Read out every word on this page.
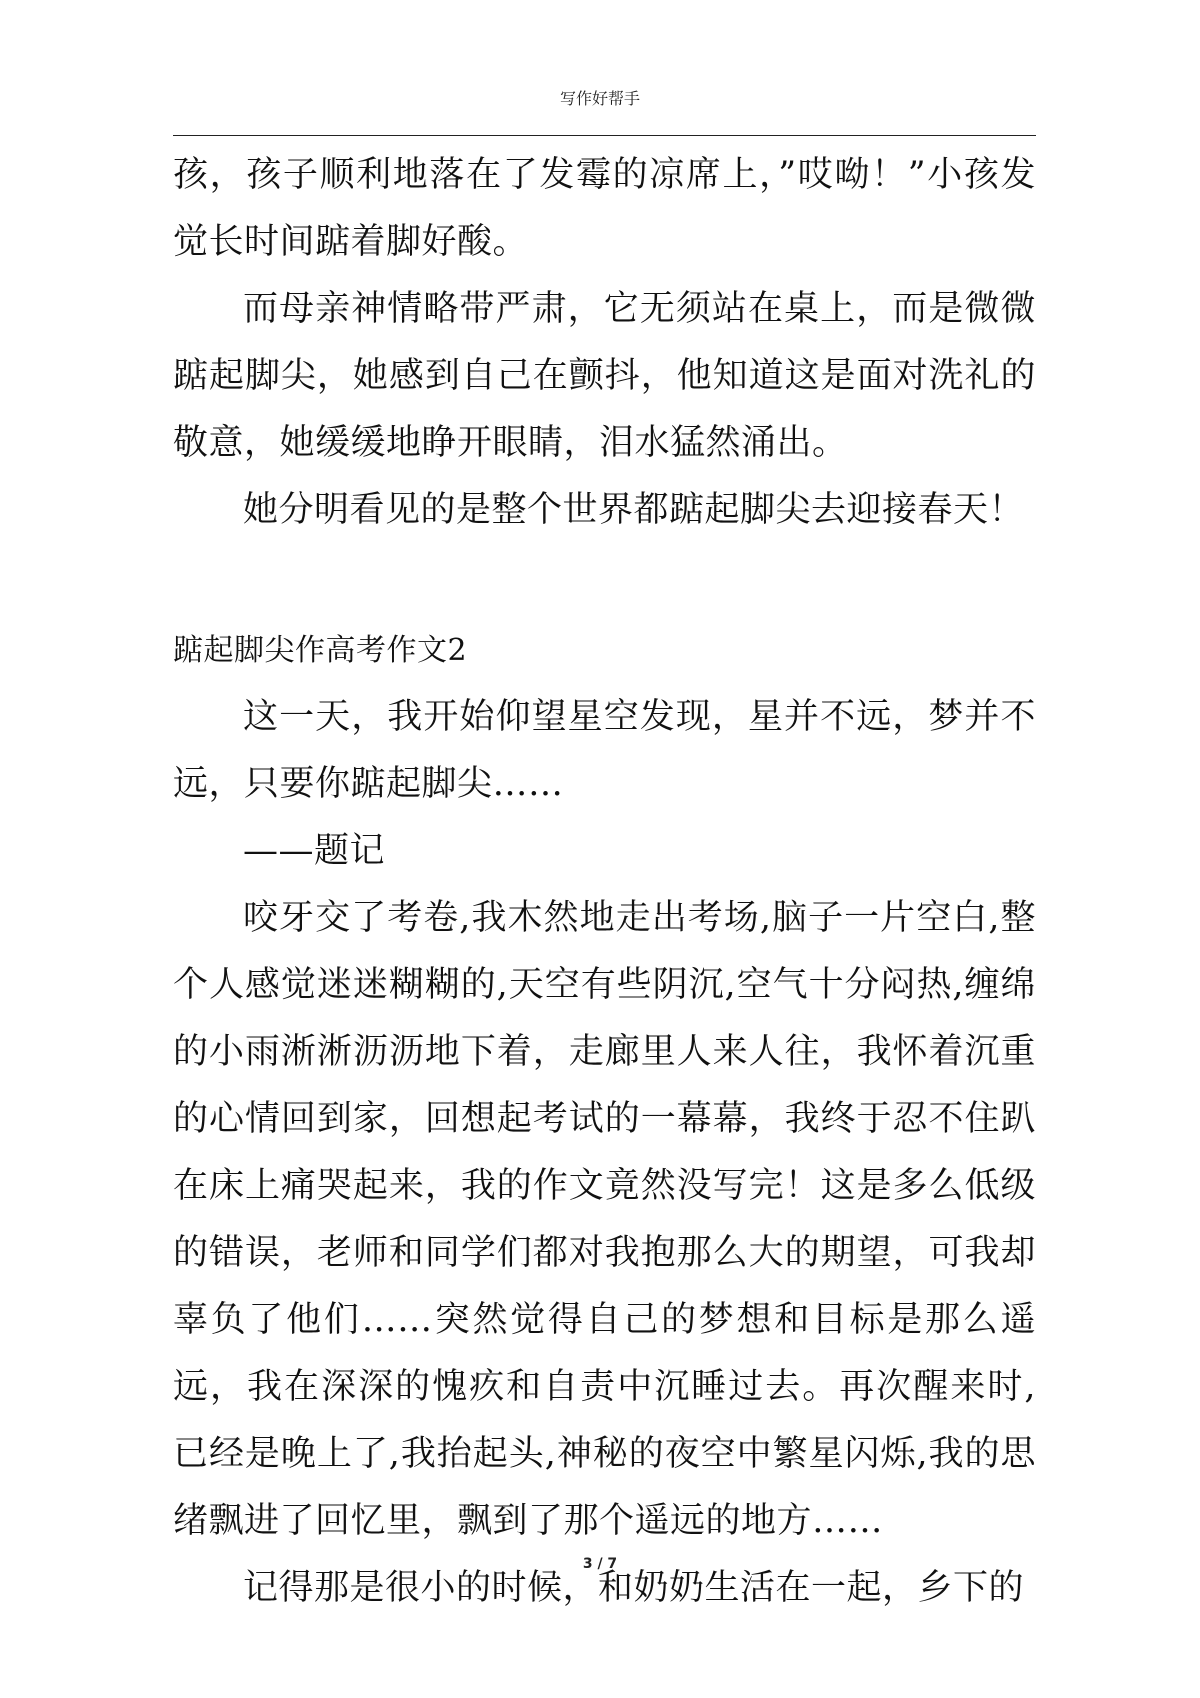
写作好帮手

孩，孩子顺利地落在了发霉的凉席上，”哎呦！”小孩发觉长时间踮着脚好酸。

而母亲神情略带严肃，它无须站在桌上，而是微微踮起脚尖，她感到自己在颤抖，他知道这是面对洗礼的敬意，她缓缓地睁开眼睛，泪水猛然涌出。

她分明看见的是整个世界都踮起脚尖去迎接春天！

踮起脚尖作高考作文2

这一天，我开始仰望星空发现，星并不远，梦并不远，只要你踮起脚尖……

——题记

咬牙交了考卷,我木然地走出考场,脑子一片空白,整个人感觉迷迷糊糊的,天空有些阴沉,空气十分闷热,缠绵的小雨淅淅沥沥地下着，走廊里人来人往，我怀着沉重的心情回到家，回想起考试的一幕幕，我终于忍不住趴在床上痛哭起来，我的作文竟然没写完！这是多么低级的错误，老师和同学们都对我抱那么大的期望，可我却辜负了他们……突然觉得自己的梦想和目标是那么遥远，我在深深的愧疚和自责中沉睡过去。再次醒来时,已经是晚上了,我抬起头,神秘的夜空中繁星闪烁,我的思绪飘进了回忆里，飘到了那个遥远的地方……

记得那是很小的时候，和奶奶生活在一起，乡下的

3 / 7
